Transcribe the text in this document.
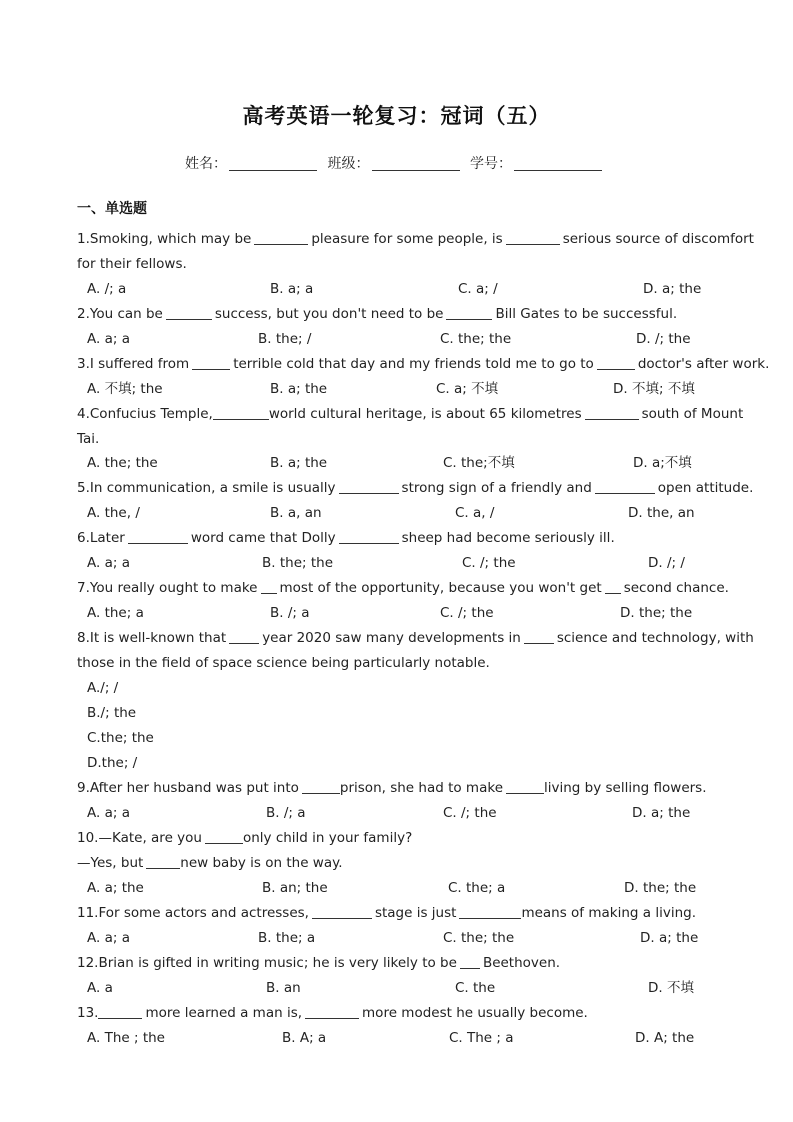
高考英语一轮复习：冠词（五）
姓名：	班级：	学号：
一、单选题
1.Smoking, which may be	pleasure for some people, is	serious source of discomfort
for their fellows.
A. /; a	B. a; a	C. a; /	D. a; the
2.You can be	success, but you don't need to be	Bill Gates to be successful.
A. a; a	B. the; /	C. the; the	D. /; the
3.I suffered from	terrible cold that day and my friends told me to go to	doctor's after work.
A. 不填; the	B. a; the	C. a; 不填	D. 不填; 不填
4.Confucius Temple,	world cultural heritage, is about 65 kilometres	south of Mount
Tai.
A. the; the	B. a; the	C. the;不填	D. a;不填
5.In communication, a smile is usually	strong sign of a friendly and	open attitude.
A. the, /	B. a, an	C. a, /	D. the, an
6.Later	word came that Dolly	sheep had become seriously ill.
A. a; a	B. the; the	C. /; the	D. /; /
7.You really ought to make most of the opportunity, because you won't get second chance.
A. the; a	B. /; a	C. /; the	D. the; the
8.It is well-known that	year 2020 saw many developments in	science and technology, with
those in the field of space science being particularly notable.
A./; /
B./; the
C.the; the
D.the; /
9.After her husband was put into	prison, she had to make	living by selling flowers.
A. a; a	B. /; a	C. /; the	D. a; the
10.—Kate, are you	only child in your family?
—Yes, but	new baby is on the way.
A. a; the	B. an; the	C. the; a	D. the; the
11.For some actors and actresses,	stage is just	means of making a living.
A. a; a	B. the; a	C. the; the	D. a; the
12.Brian is gifted in writing music; he is very likely to be Beethoven.
A. a	B. an	C. the	D. 不填
13.	more learned a man is,	more modest he usually become.
A. The ; the	B. A; a	C. The ; a	D. A; the
